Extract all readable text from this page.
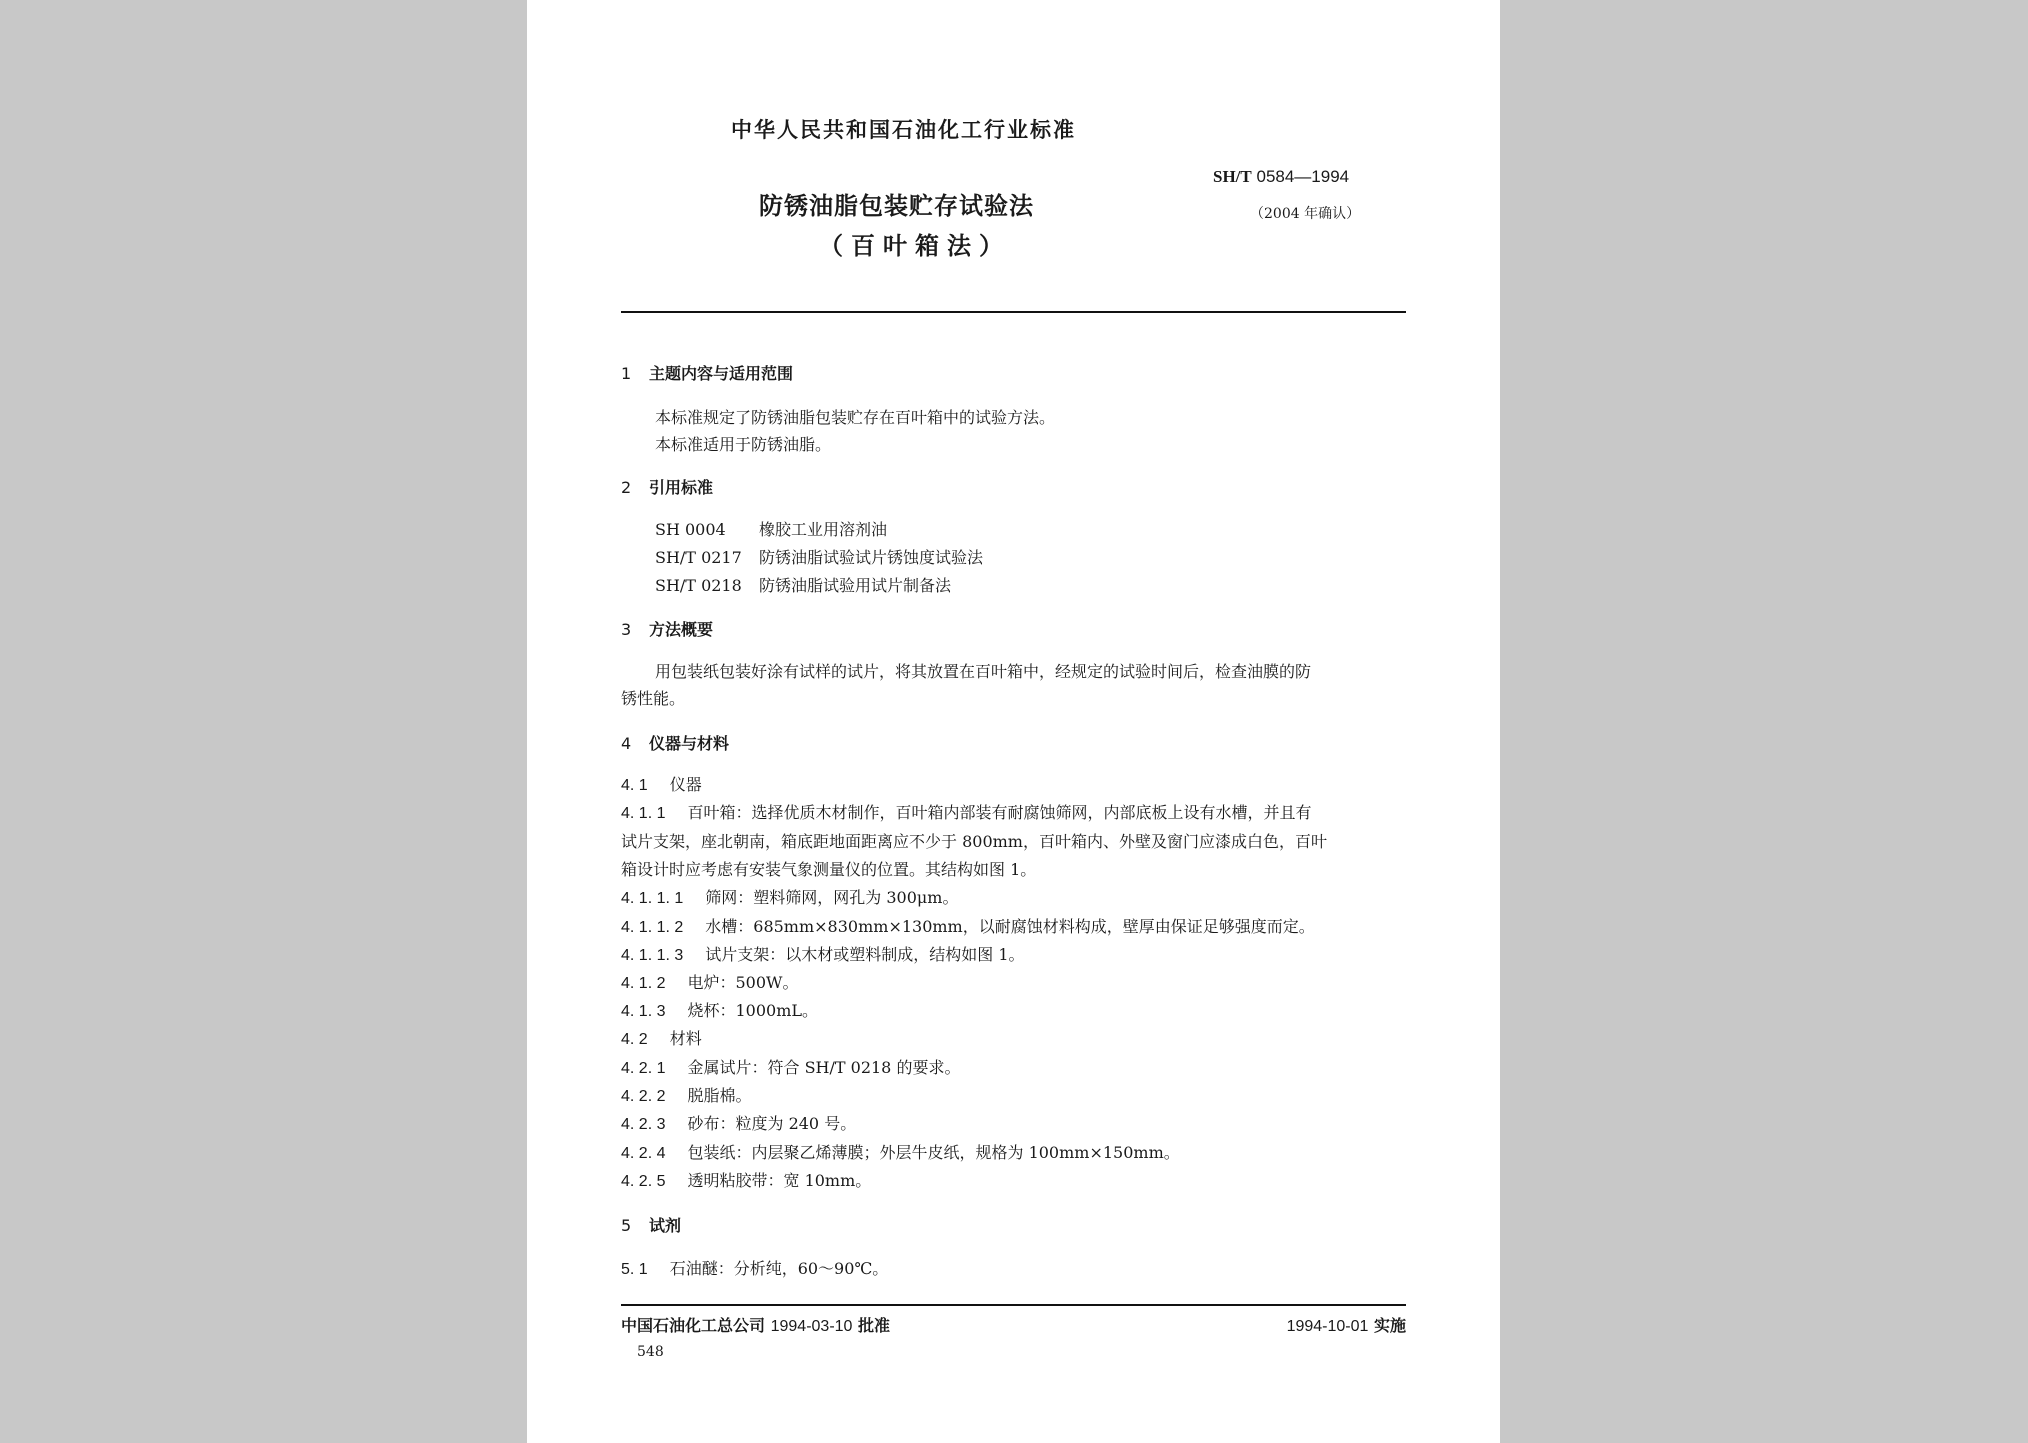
中华人民共和国石油化工行业标准
SH/T 0584—1994
（2004 年确认）
防锈油脂包装贮存试验法
（百叶箱法）
1 主题内容与适用范围
本标准规定了防锈油脂包装贮存在百叶箱中的试验方法。
本标准适用于防锈油脂。
2 引用标准
SH 0004 橡胶工业用溶剂油
SH/T 0217 防锈油脂试验试片锈蚀度试验法
SH/T 0218 防锈油脂试验用试片制备法
3 方法概要
用包装纸包装好涂有试样的试片，将其放置在百叶箱中，经规定的试验时间后，检查油膜的防
锈性能。
4 仪器与材料
4. 1 仪器
4. 1. 1 百叶箱：选择优质木材制作，百叶箱内部装有耐腐蚀筛网，内部底板上设有水槽，并且有
试片支架，座北朝南，箱底距地面距离应不少于 800mm，百叶箱内、外壁及窗门应漆成白色，百叶
箱设计时应考虑有安装气象测量仪的位置。其结构如图 1。
4. 1. 1. 1 筛网：塑料筛网，网孔为 300μm。
4. 1. 1. 2 水槽：685mm×830mm×130mm，以耐腐蚀材料构成，壁厚由保证足够强度而定。
4. 1. 1. 3 试片支架：以木材或塑料制成，结构如图 1。
4. 1. 2 电炉：500W。
4. 1. 3 烧杯：1000mL。
4. 2 材料
4. 2. 1 金属试片：符合 SH/T 0218 的要求。
4. 2. 2 脱脂棉。
4. 2. 3 砂布：粒度为 240 号。
4. 2. 4 包装纸：内层聚乙烯薄膜；外层牛皮纸，规格为 100mm×150mm。
4. 2. 5 透明粘胶带：宽 10mm。
5 试剂
5. 1 石油醚：分析纯，60～90℃。
中国石油化工总公司 1994-03-10 批准	1994-10-01 实施
548
